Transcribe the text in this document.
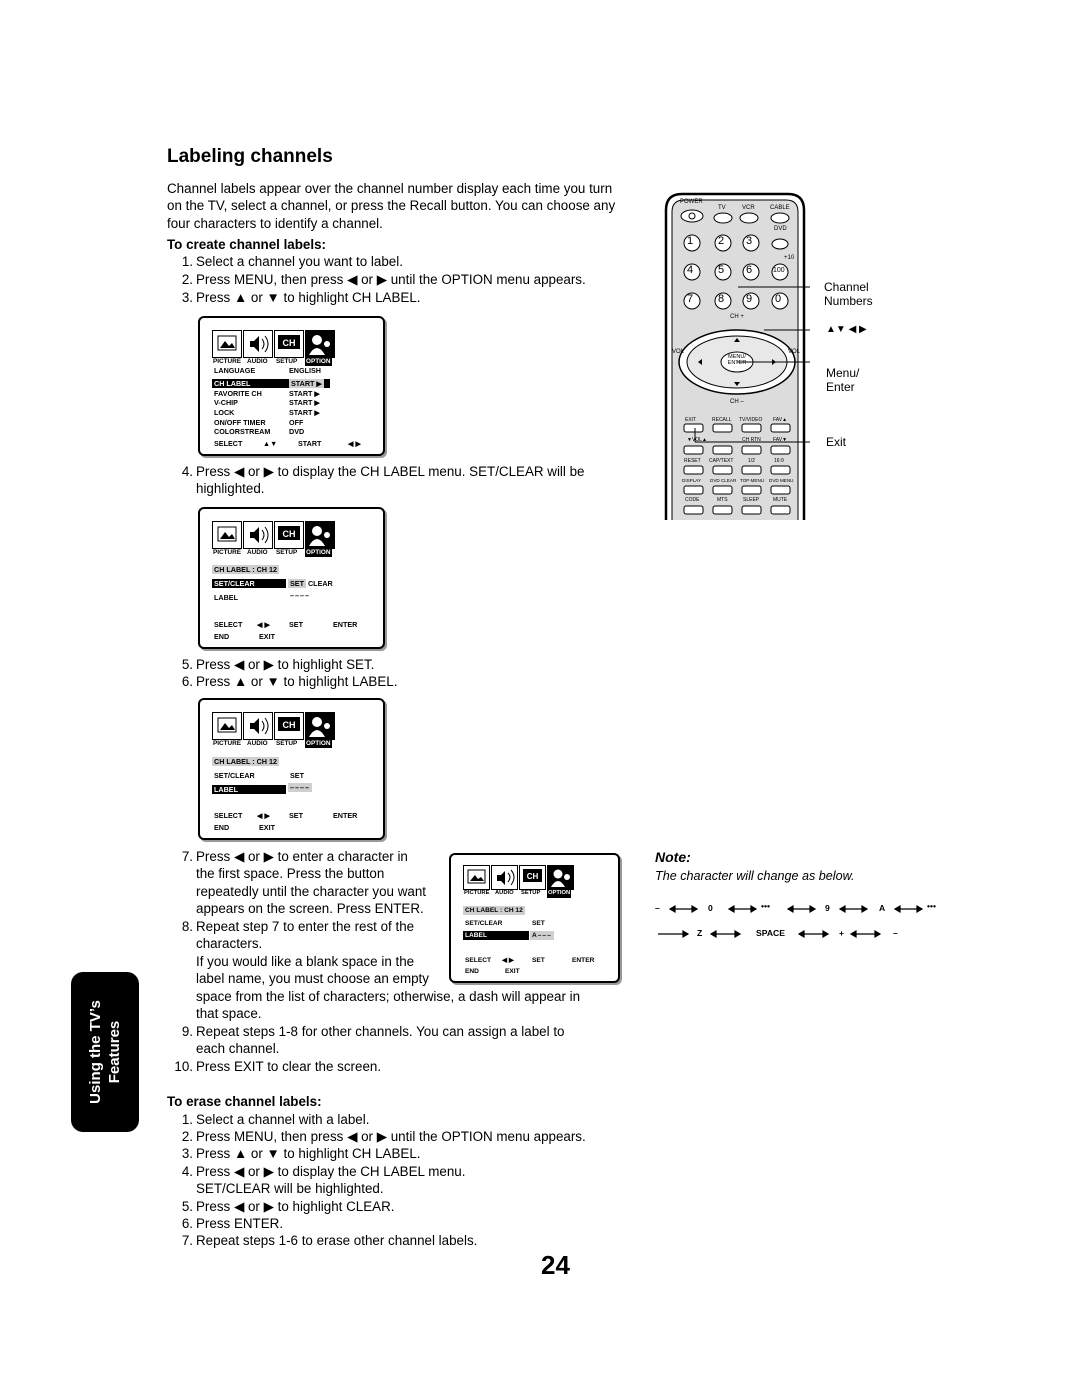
Labeling channels
Channel labels appear over the channel number display each time you turn on the TV, select a channel, or press the Recall button. You can choose any four characters to identify a channel.
To create channel labels:
1. Select a channel you want to label.
2. Press MENU, then press ◀ or ▶ until the OPTION menu appears.
3. Press ▲ or ▼ to highlight CH LABEL.
CH
PICTURE AUDIO SETUP OPTION
LANGUAGE	ENGLISH
CH LABEL	START ▶
FAVORITE CH	START ▶
V-CHIP	START ▶
LOCK	START ▶
ON/OFF TIMER	OFF
COLORSTREAM	DVD
SELECT	▲▼	START	◀ ▶
4. Press ◀ or ▶ to display the CH LABEL menu. SET/CLEAR will be
highlighted.
CH
PICTURE AUDIO SETUP OPTION
CH LABEL : CH 12
SET/CLEAR	SET CLEAR
LABEL	––––
SELECT ◀ ▶	SET	ENTER
END	EXIT
5. Press ◀ or ▶ to highlight SET.
6. Press ▲ or ▼ to highlight LABEL.
CH
PICTURE AUDIO SETUP OPTION
CH LABEL : CH 12
SET/CLEAR	SET
LABEL	––––
SELECT ◀ ▶	SET	ENTER
END	EXIT
7. Press ◀ or ▶ to enter a character in
the first space. Press the button
repeatedly until the character you want
appears on the screen. Press ENTER.
8. Repeat step 7 to enter the rest of the
characters.
If you would like a blank space in the
label name, you must choose an empty
space from the list of characters; otherwise, a dash will appear in
that space.
CH
PICTURE AUDIO SETUP OPTION
CH LABEL : CH 12
SET/CLEAR	SET
LABEL	A–––
SELECT ◀ ▶	SET	ENTER
END	EXIT
9. Repeat steps 1-8 for other channels. You can assign a label to
each channel.
10. Press EXIT to clear the screen.
To erase channel labels:
1. Select a channel with a label.
2. Press MENU, then press ◀ or ▶ until the OPTION menu appears.
3. Press ▲ or ▼ to highlight CH LABEL.
4. Press ◀ or ▶ to display the CH LABEL menu.
SET/CLEAR will be highlighted.
5. Press ◀ or ▶ to highlight CLEAR.
6. Press ENTER.
7. Repeat steps 1-6 to erase other channel labels.
Using the TV’s Features
24
Note:
The character will change as below.
–	0	•••	9	A	•••
Z	SPACE	+	–
POWER
TV	VCR	CABLE
DVD
1 2 3
4 5 6	100
7 8 9 0
+10
CH +
CH –
VOL	VOL
MENU/ ENTER
EXIT	RECALL TV/VIDEO FAV▲
▼VOL▲	CH RTN FAV▼
RESET CAP/TEXT	1/2	16:9
DISPLAY DVD CLEAR TOP MENU DVD MENU
CODE	MTS	SLEEP	MUTE
Channel
Numbers
▲▼ ◀ ▶
Menu/
Enter
Exit
